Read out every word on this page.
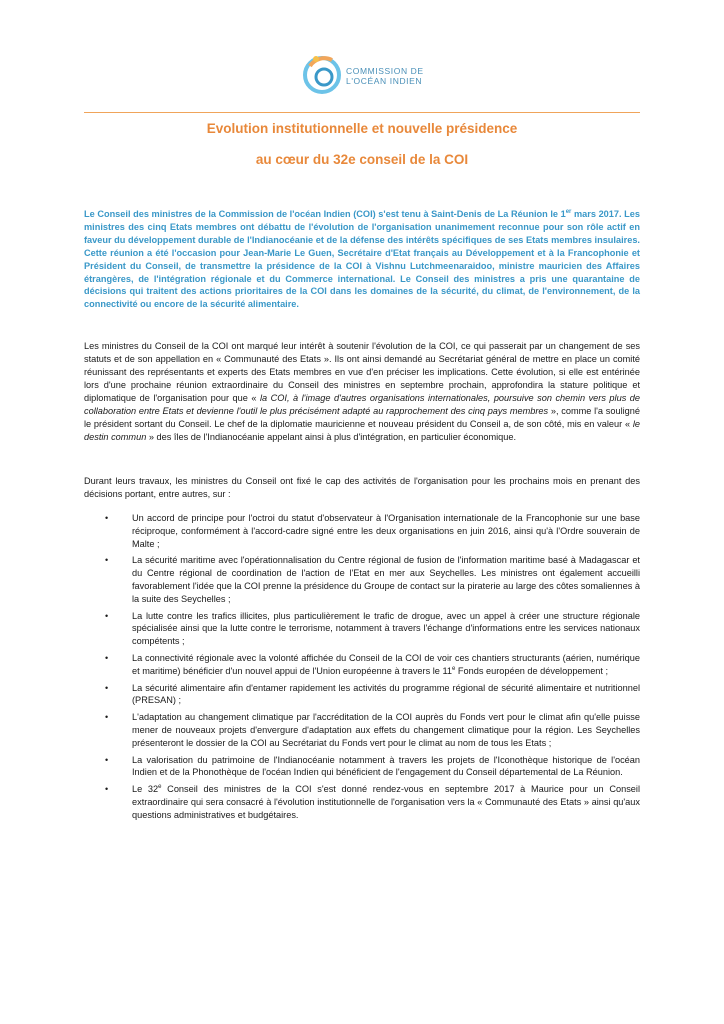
COMMISSION DE
L'OCÉAN INDIEN
Evolution institutionnelle et nouvelle présidence
au cœur du 32e conseil de la COI

Le Conseil des ministres de la Commission de l'océan Indien (COI) s'est tenu à Saint-Denis de La Réunion le 1er mars 2017. Les ministres des cinq Etats membres ont débattu de l'évolution de l'organisation unanimement reconnue pour son rôle actif en faveur du développement durable de l'Indianocéanie et de la défense des intérêts spécifiques de ses Etats membres insulaires. Cette réunion a été l'occasion pour Jean-Marie Le Guen, Secrétaire d'Etat français au Développement et à la Francophonie et Président du Conseil, de transmettre la présidence de la COI à Vishnu Lutchmeenaraidoo, ministre mauricien des Affaires étrangères, de l'intégration régionale et du Commerce international. Le Conseil des ministres a pris une quarantaine de décisions qui traitent des actions prioritaires de la COI dans les domaines de la sécurité, du climat, de l'environnement, de la connectivité ou encore de la sécurité alimentaire.

Les ministres du Conseil de la COI ont marqué leur intérêt à soutenir l'évolution de la COI, ce qui passerait par un changement de ses statuts et de son appellation en « Communauté des Etats ». Ils ont ainsi demandé au Secrétariat général de mettre en place un comité réunissant des représentants et experts des Etats membres en vue d'en préciser les implications. Cette évolution, si elle est entérinée lors d'une prochaine réunion extraordinaire du Conseil des ministres en septembre prochain, approfondira la stature politique et diplomatique de l'organisation pour que « la COI, à l'image d'autres organisations internationales, poursuive son chemin vers plus de collaboration entre Etats et devienne l'outil le plus précisément adapté au rapprochement des cinq pays membres », comme l'a souligné le président sortant du Conseil. Le chef de la diplomatie mauricienne et nouveau président du Conseil a, de son côté, mis en valeur « le destin commun » des îles de l'Indianocéanie appelant ainsi à plus d'intégration, en particulier économique.

Durant leurs travaux, les ministres du Conseil ont fixé le cap des activités de l'organisation pour les prochains mois en prenant des décisions portant, entre autres, sur :

•	Un accord de principe pour l'octroi du statut d'observateur à l'Organisation internationale de la Francophonie sur une base réciproque, conformément à l'accord-cadre signé entre les deux organisations en juin 2016, ainsi qu'à l'Ordre souverain de Malte ;
•	La sécurité maritime avec l'opérationnalisation du Centre régional de fusion de l'information maritime basé à Madagascar et du Centre régional de coordination de l'action de l'Etat en mer aux Seychelles. Les ministres ont également accueilli favorablement l'idée que la COI prenne la présidence du Groupe de contact sur la piraterie au large des côtes somaliennes à la suite des Seychelles ;
•	La lutte contre les trafics illicites, plus particulièrement le trafic de drogue, avec un appel à créer une structure régionale spécialisée ainsi que la lutte contre le terrorisme, notamment à travers l'échange d'informations entre les services nationaux compétents ;
•	La connectivité régionale avec la volonté affichée du Conseil de la COI de voir ces chantiers structurants (aérien, numérique et maritime) bénéficier d'un nouvel appui de l'Union européenne à travers le 11e Fonds européen de développement ;
•	La sécurité alimentaire afin d'entamer rapidement les activités du programme régional de sécurité alimentaire et nutritionnel (PRESAN) ;
•	L'adaptation au changement climatique par l'accréditation de la COI auprès du Fonds vert pour le climat afin qu'elle puisse mener de nouveaux projets d'envergure d'adaptation aux effets du changement climatique pour la région. Les Seychelles présenteront le dossier de la COI au Secrétariat du Fonds vert pour le climat au nom de tous les Etats ;
•	La valorisation du patrimoine de l'Indianocéanie notamment à travers les projets de l'Iconothèque historique de l'océan Indien et de la Phonothèque de l'océan Indien qui bénéficient de l'engagement du Conseil départemental de La Réunion.
•	Le 32e Conseil des ministres de la COI s'est donné rendez-vous en septembre 2017 à Maurice pour un Conseil extraordinaire qui sera consacré à l'évolution institutionnelle de l'organisation vers la « Communauté des Etats » ainsi qu'aux questions administratives et budgétaires.
